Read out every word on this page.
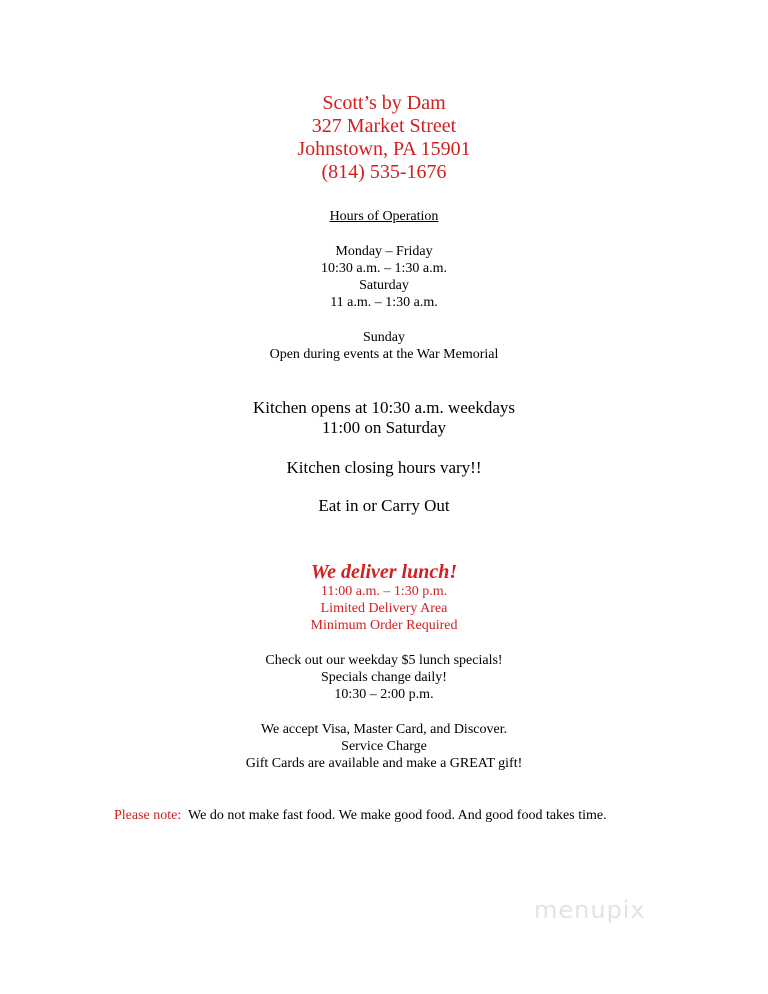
Scott’s by Dam
327 Market Street
Johnstown, PA 15901
(814) 535-1676
Hours of Operation
Monday – Friday
10:30 a.m. – 1:30 a.m.
Saturday
11 a.m. – 1:30 a.m.
Sunday
Open during events at the War Memorial
Kitchen opens at 10:30 a.m. weekdays
11:00 on Saturday
Kitchen closing hours vary!!
Eat in or Carry Out
We deliver lunch!
11:00 a.m. – 1:30 p.m.
Limited Delivery Area
Minimum Order Required
Check out our weekday $5 lunch specials!
Specials change daily!
10:30 – 2:00 p.m.
We accept Visa, Master Card, and Discover.
Service Charge
Gift Cards are available and make a GREAT gift!
Please note: We do not make fast food. We make good food. And good food takes time.
menupix
